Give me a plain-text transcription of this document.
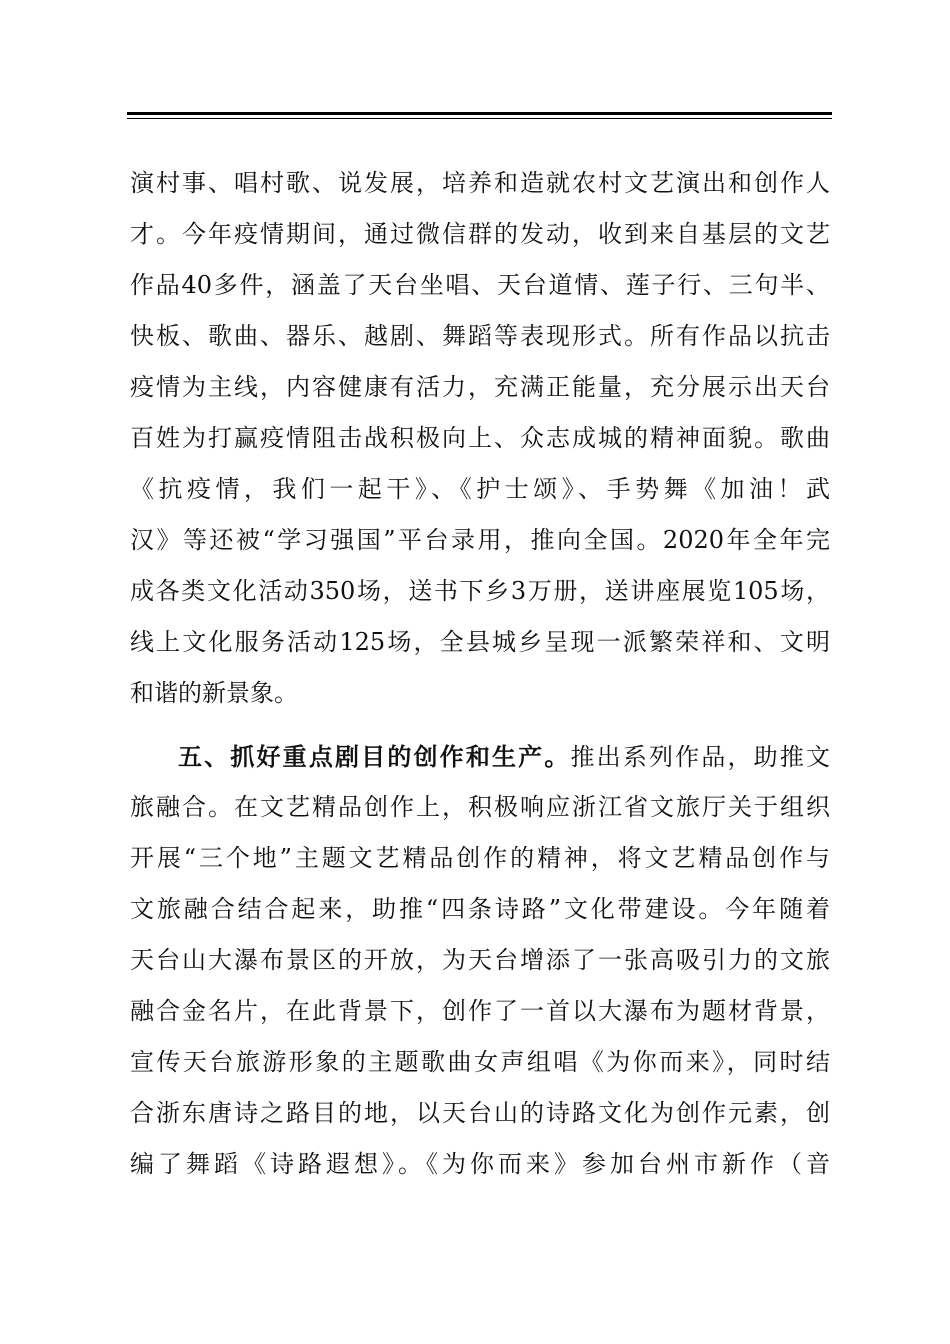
演村事、唱村歌、说发展，培养和造就农村文艺演出和创作人
才。今年疫情期间，通过微信群的发动，收到来自基层的文艺
作品40多件，涵盖了天台坐唱、天台道情、莲子行、三句半、
快板、歌曲、器乐、越剧、舞蹈等表现形式。所有作品以抗击
疫情为主线，内容健康有活力，充满正能量，充分展示出天台
百姓为打赢疫情阻击战积极向上、众志成城的精神面貌。歌曲
《抗疫情，我们一起干》、《护士颂》、手势舞《加油！武
汉》等还被“学习强国”平台录用，推向全国。2020年全年完
成各类文化活动350场，送书下乡3万册，送讲座展览105场，
线上文化服务活动125场，全县城乡呈现一派繁荣祥和、文明
和谐的新景象。
五、抓好重点剧目的创作和生产。推出系列作品，助推文
旅融合。在文艺精品创作上，积极响应浙江省文旅厅关于组织
开展“三个地”主题文艺精品创作的精神，将文艺精品创作与
文旅融合结合起来，助推“四条诗路”文化带建设。今年随着
天台山大瀑布景区的开放，为天台增添了一张高吸引力的文旅
融合金名片，在此背景下，创作了一首以大瀑布为题材背景，
宣传天台旅游形象的主题歌曲女声组唱《为你而来》，同时结
合浙东唐诗之路目的地，以天台山的诗路文化为创作元素，创
编了舞蹈《诗路遐想》。《为你而来》参加台州市新作（音
